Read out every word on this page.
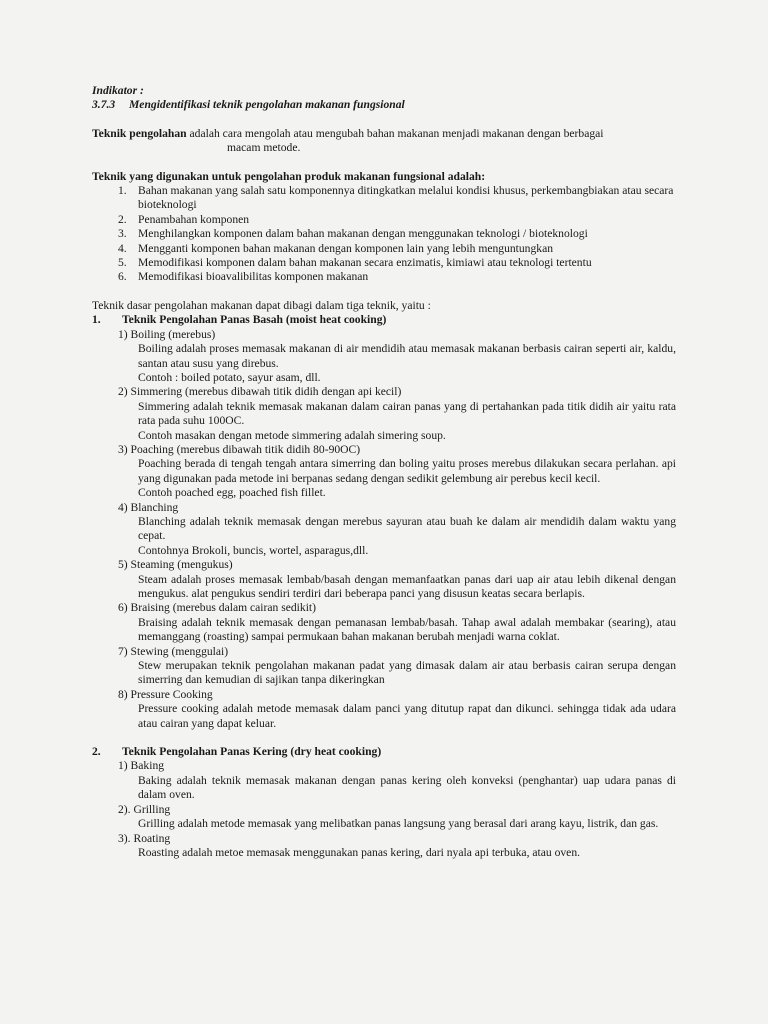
Indikator :

3.7.3	Mengidentifikasi teknik pengolahan makanan fungsional

Teknik pengolahan adalah cara mengolah atau mengubah bahan makanan menjadi makanan dengan berbagai

macam metode.

Teknik yang digunakan untuk pengolahan produk makanan fungsional adalah:

1. Bahan makanan yang salah satu komponennya ditingkatkan melalui kondisi khusus, perkembangbiakan atau secara bioteknologi
2. Penambahan komponen
3. Menghilangkan komponen dalam bahan makanan dengan menggunakan teknologi / bioteknologi
4. Mengganti komponen bahan makanan dengan komponen lain yang lebih menguntungkan
5. Memodifikasi komponen dalam bahan makanan secara enzimatis, kimiawi atau teknologi tertentu
6. Memodifikasi bioavalibilitas komponen makanan

Teknik dasar pengolahan makanan dapat dibagi dalam tiga teknik, yaitu :

1.	Teknik Pengolahan Panas Basah (moist heat cooking)

1) Boiling (merebus)

Boiling adalah proses memasak makanan di air mendidih atau memasak makanan berbasis cairan seperti air, kaldu, santan atau susu yang direbus.

Contoh : boiled potato, sayur asam, dll.

2) Simmering (merebus dibawah titik didih dengan api kecil)

Simmering adalah teknik memasak makanan dalam cairan panas yang di pertahankan pada titik didih air yaitu rata rata pada suhu 100OC.

Contoh masakan dengan metode simmering adalah simering soup.

3) Poaching (merebus dibawah titik didih 80-90OC)

Poaching berada di tengah tengah antara simerring dan boling yaitu proses merebus dilakukan secara perlahan. api yang digunakan pada metode ini berpanas sedang dengan sedikit gelembung air perebus kecil kecil.

Contoh poached egg, poached fish fillet.

4) Blanching

Blanching adalah teknik memasak dengan merebus sayuran atau buah ke dalam air mendidih dalam waktu yang cepat.

Contohnya Brokoli, buncis, wortel, asparagus,dll.

5) Steaming (mengukus)

Steam adalah proses memasak lembab/basah dengan memanfaatkan panas dari uap air atau lebih dikenal dengan mengukus. alat pengukus sendiri terdiri dari beberapa panci yang disusun keatas secara berlapis.

6) Braising (merebus dalam cairan sedikit)

Braising adalah teknik memasak dengan pemanasan lembab/basah. Tahap awal adalah membakar (searing), atau memanggang (roasting) sampai permukaan bahan makanan berubah menjadi warna coklat.

7) Stewing (menggulai)

Stew merupakan teknik pengolahan makanan padat yang dimasak dalam air atau berbasis cairan serupa dengan simerring dan kemudian di sajikan tanpa dikeringkan

8) Pressure Cooking

Pressure cooking adalah metode memasak dalam panci yang ditutup rapat dan dikunci. sehingga tidak ada udara atau cairan yang dapat keluar.

2.	Teknik Pengolahan Panas Kering (dry heat cooking)

1) Baking

Baking adalah teknik memasak makanan dengan panas kering oleh konveksi (penghantar) uap udara panas di dalam oven.

2). Grilling

Grilling adalah metode memasak yang melibatkan panas langsung yang berasal dari arang kayu, listrik, dan gas.

3). Roating

Roasting adalah metoe memasak menggunakan panas kering, dari nyala api terbuka, atau oven.
